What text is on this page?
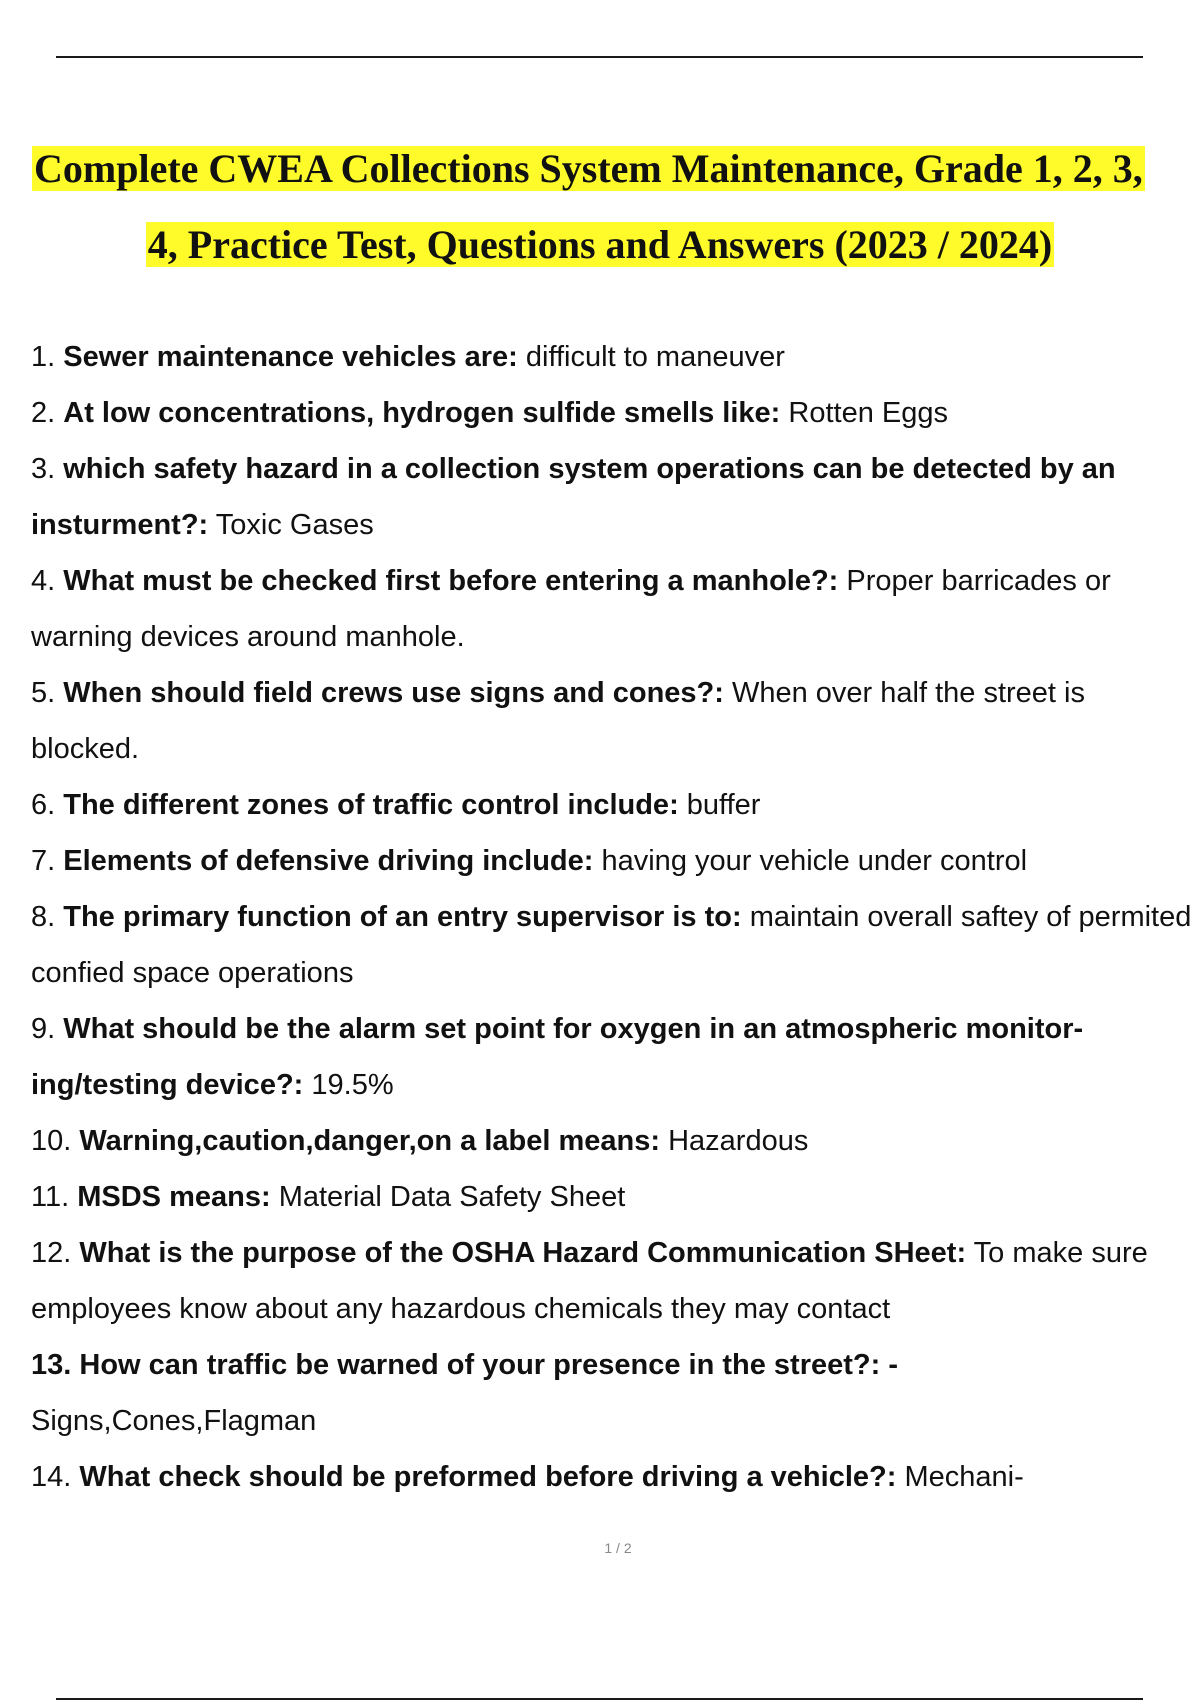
Complete CWEA Collections System Maintenance, Grade 1, 2, 3,
4, Practice Test, Questions and Answers (2023 / 2024)
1. Sewer maintenance vehicles are: difficult to maneuver
2. At low concentrations, hydrogen sulfide smells like: Rotten Eggs
3. which safety hazard in a collection system operations can be detected by an insturment?: Toxic Gases
4. What must be checked first before entering a manhole?: Proper barricades or warning devices around manhole.
5. When should field crews use signs and cones?: When over half the street is blocked.
6. The different zones of traffic control include: buffer
7. Elements of defensive driving include: having your vehicle under control
8. The primary function of an entry supervisor is to: maintain overall saftey of permited confied space operations
9. What should be the alarm set point for oxygen in an atmospheric monitor-ing/testing device?: 19.5%
10. Warning,caution,danger,on a label means: Hazardous
11. MSDS means: Material Data Safety Sheet
12. What is the purpose of the OSHA Hazard Communication SHeet: To make sure employees know about any hazardous chemicals they may contact
13. How can traffic be warned of your presence in the street?: -
Signs,Cones,Flagman
14. What check should be preformed before driving a vehicle?: Mechani-
1 / 2
